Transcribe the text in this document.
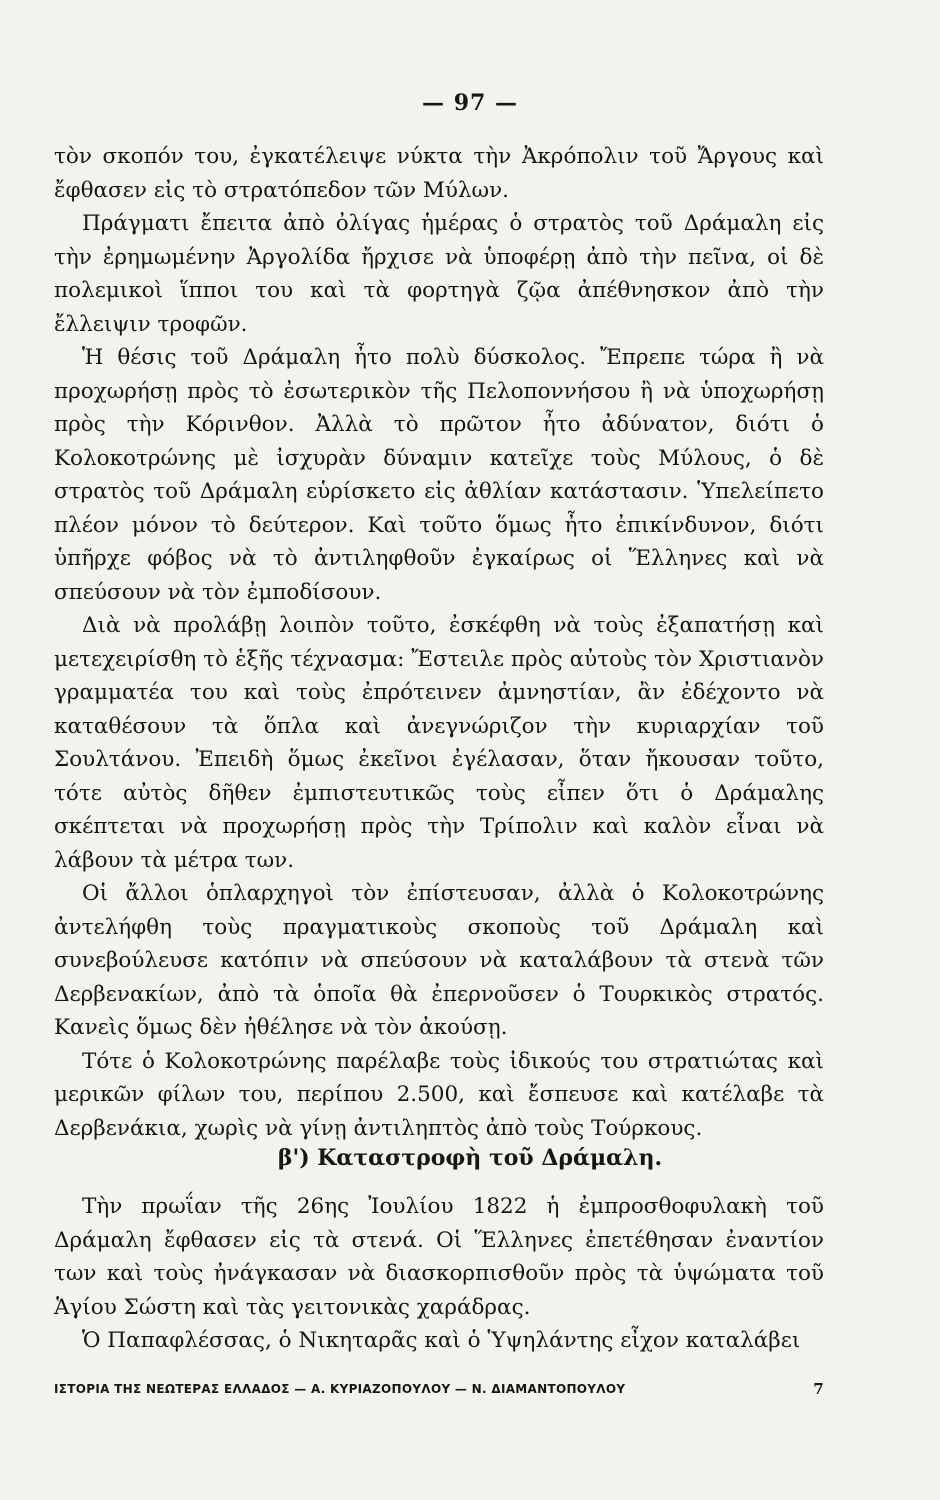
— 97 —

τὸν σκοπόν του, ἐγκατέλειψε νύκτα τὴν Ἀκρόπολιν τοῦ Ἄργους καὶ ἔφθασεν εἰς τὸ στρατόπεδον τῶν Μύλων.

Πράγματι ἔπειτα ἀπὸ ὀλίγας ἡμέρας ὁ στρατὸς τοῦ Δράμαλη εἰς τὴν ἐρημωμένην Ἀργολίδα ἤρχισε νὰ ὑποφέρῃ ἀπὸ τὴν πεῖνα, οἱ δὲ πολεμικοὶ ἵπποι του καὶ τὰ φορτηγὰ ζῷα ἀπέθνησκον ἀπὸ τὴν ἔλλειψιν τροφῶν.

Ἡ θέσις τοῦ Δράμαλη ἦτο πολὺ δύσκολος. Ἔπρεπε τώρα ἢ νὰ προχωρήσῃ πρὸς τὸ ἐσωτερικὸν τῆς Πελοποννήσου ἢ νὰ ὑποχωρήσῃ πρὸς τὴν Κόρινθον. Ἀλλὰ τὸ πρῶτον ἦτο ἀδύνατον, διότι ὁ Κολοκοτρώνης μὲ ἰσχυρὰν δύναμιν κατεῖχε τοὺς Μύλους, ὁ δὲ στρατὸς τοῦ Δράμαλη εὑρίσκετο εἰς ἀθλίαν κατάστασιν. Ὑπελείπετο πλέον μόνον τὸ δεύτερον. Καὶ τοῦτο ὅμως ἦτο ἐπικίνδυνον, διότι ὑπῆρχε φόβος νὰ τὸ ἀντιληφθοῦν ἐγκαίρως οἱ Ἕλληνες καὶ νὰ σπεύσουν νὰ τὸν ἐμποδίσουν.

Διὰ νὰ προλάβῃ λοιπὸν τοῦτο, ἐσκέφθη νὰ τοὺς ἐξαπατήσῃ καὶ μετεχειρίσθη τὸ ἑξῆς τέχνασμα: Ἔστειλε πρὸς αὐτοὺς τὸν Χριστιανὸν γραμματέα του καὶ τοὺς ἐπρότεινεν ἀμνηστίαν, ἂν ἐδέχοντο νὰ καταθέσουν τὰ ὅπλα καὶ ἀνεγνώριζον τὴν κυριαρχίαν τοῦ Σουλτάνου. Ἐπειδὴ ὅμως ἐκεῖνοι ἐγέλασαν, ὅταν ἤκουσαν τοῦτο, τότε αὐτὸς δῆθεν ἐμπιστευτικῶς τοὺς εἶπεν ὅτι ὁ Δράμαλης σκέπτεται νὰ προχωρήσῃ πρὸς τὴν Τρίπολιν καὶ καλὸν εἶναι νὰ λάβουν τὰ μέτρα των.

Οἱ ἄλλοι ὁπλαρχηγοὶ τὸν ἐπίστευσαν, ἀλλὰ ὁ Κολοκοτρώνης ἀντελήφθη τοὺς πραγματικοὺς σκοποὺς τοῦ Δράμαλη καὶ συνεβούλευσε κατόπιν νὰ σπεύσουν νὰ καταλάβουν τὰ στενὰ τῶν Δερβενακίων, ἀπὸ τὰ ὁποῖα θὰ ἐπερνοῦσεν ὁ Τουρκικὸς στρατός. Κανεὶς ὅμως δὲν ἠθέλησε νὰ τὸν ἀκούσῃ.

Τότε ὁ Κολοκοτρώνης παρέλαβε τοὺς ἰδικούς του στρατιώτας καὶ μερικῶν φίλων του, περίπου 2.500, καὶ ἔσπευσε καὶ κατέλαβε τὰ Δερβενάκια, χωρὶς νὰ γίνῃ ἀντιληπτὸς ἀπὸ τοὺς Τούρκους.

β') Καταστροφὴ τοῦ Δράμαλη.

Τὴν πρωΐαν τῆς 26ης Ἰουλίου 1822 ἡ ἐμπροσθοφυλακὴ τοῦ Δράμαλη ἔφθασεν εἰς τὰ στενά. Οἱ Ἕλληνες ἐπετέθησαν ἐναντίον των καὶ τοὺς ἠνάγκασαν νὰ διασκορπισθοῦν πρὸς τὰ ὑψώματα τοῦ Ἁγίου Σώστη καὶ τὰς γειτονικὰς χαράδρας.

Ὁ Παπαφλέσσας, ὁ Νικηταρᾶς καὶ ὁ Ὑψηλάντης εἶχον καταλάβει

ΙΣΤΟΡΙΑ ΤΗΣ ΝΕΩΤΕΡΑΣ ΕΛΛΑΔΟΣ — Α. ΚΥΡΙΑΖΟΠΟΥΛΟΥ — Ν. ΔΙΑΜΑΝΤΟΠΟΥΛΟΥ	7
